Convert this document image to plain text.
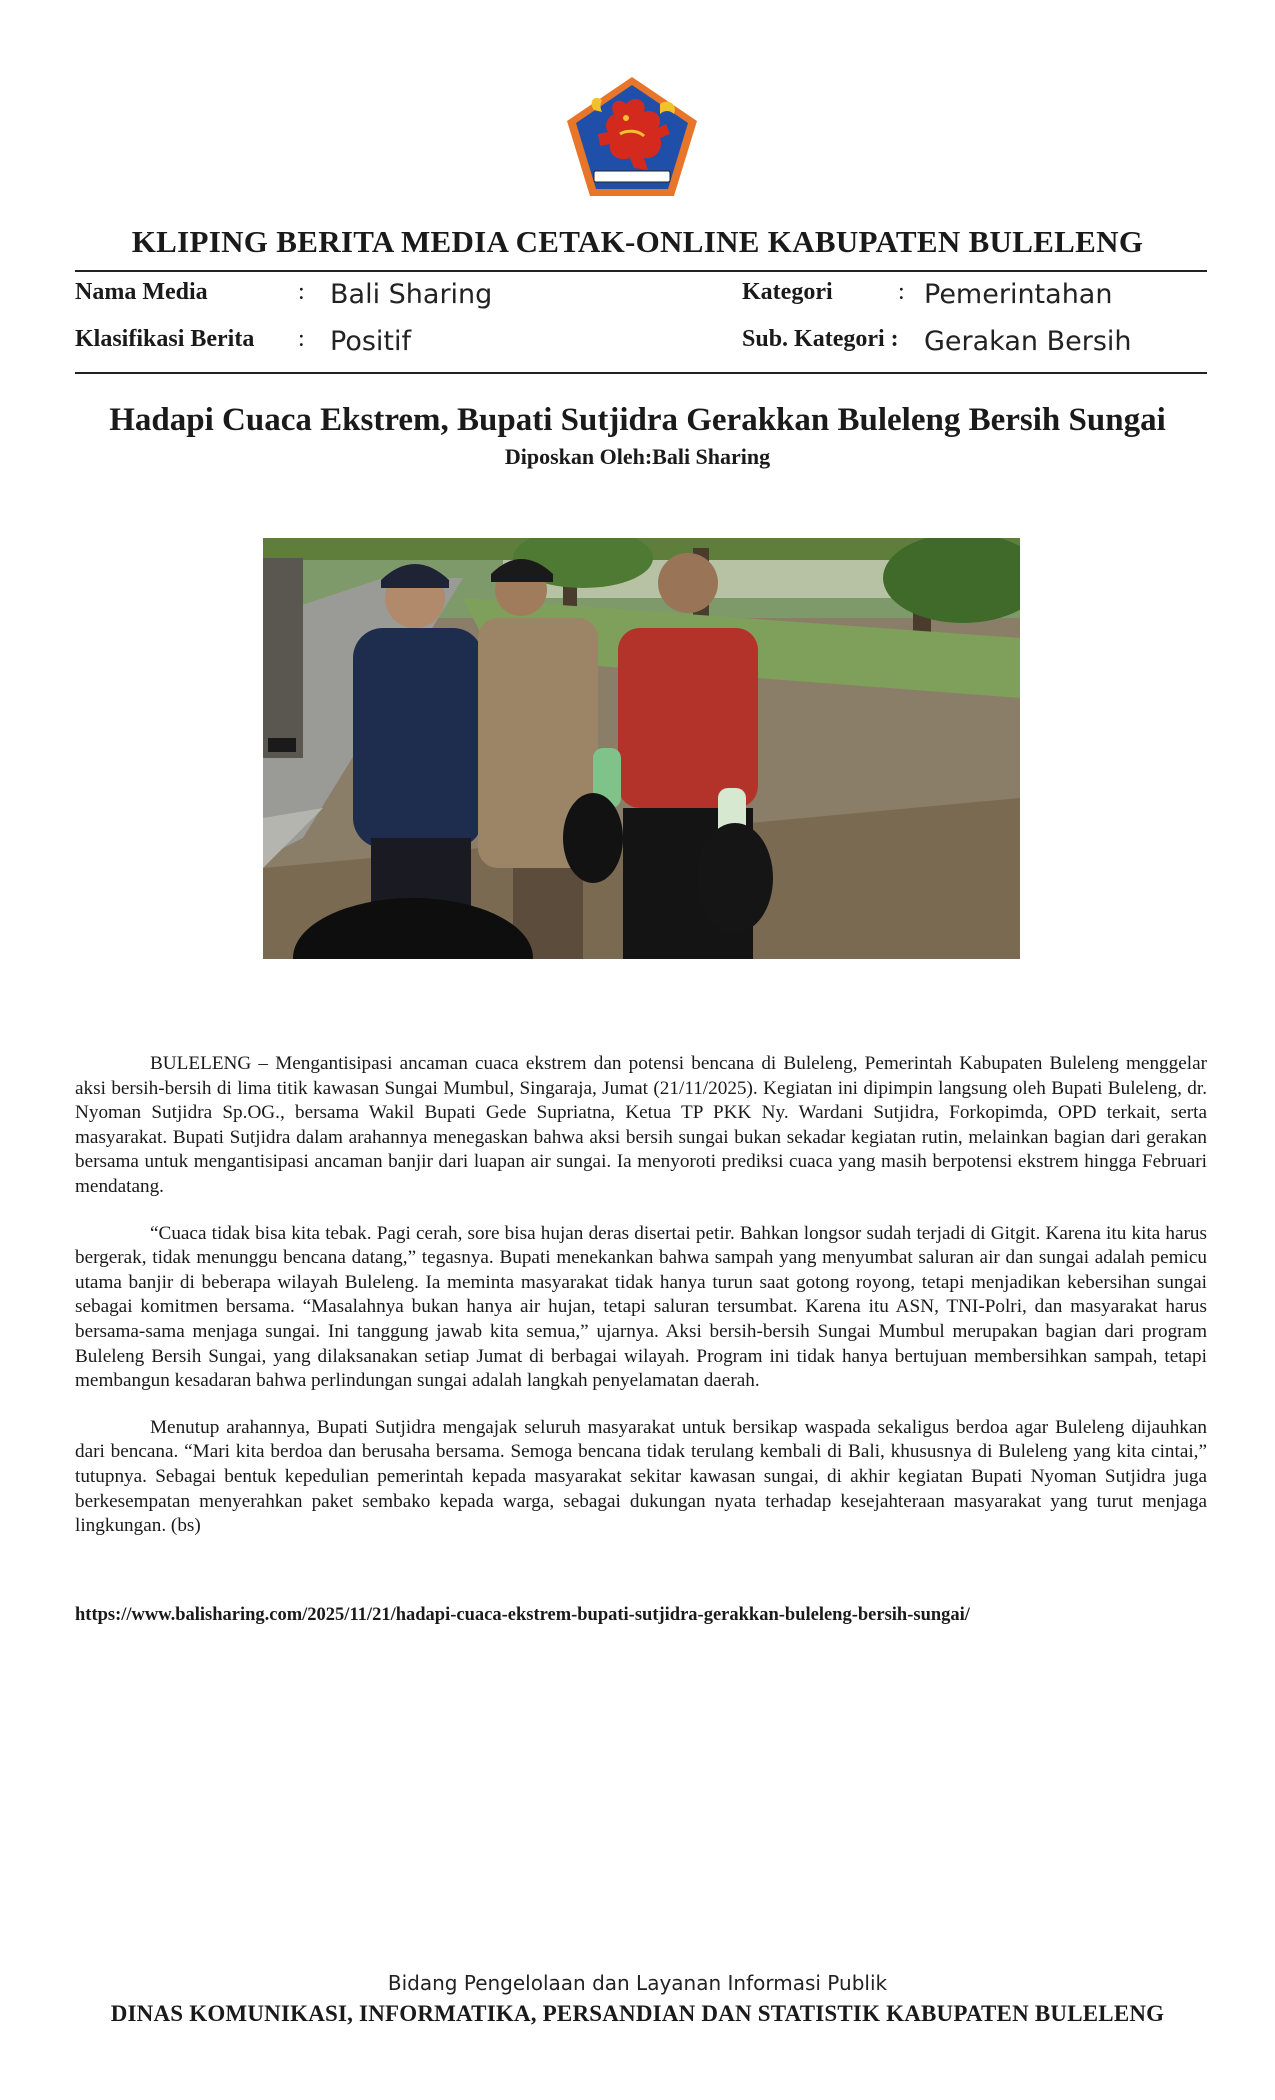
KLIPING BERITA MEDIA CETAK-ONLINE KABUPATEN BULELENG
Nama Media	: Bali Sharing	Kategori	: Pemerintahan
Klasifikasi Berita : Positif	Sub. Kategori : Gerakan Bersih
Hadapi Cuaca Ekstrem, Bupati Sutjidra Gerakkan Buleleng Bersih Sungai
Diposkan Oleh:Bali Sharing

BULELENG – Mengantisipasi ancaman cuaca ekstrem dan potensi bencana di Buleleng, Pemerintah Kabupaten Buleleng menggelar aksi bersih-bersih di lima titik kawasan Sungai Mumbul, Singaraja, Jumat (21/11/2025). Kegiatan ini dipimpin langsung oleh Bupati Buleleng, dr. Nyoman Sutjidra Sp.OG., bersama Wakil Bupati Gede Supriatna, Ketua TP PKK Ny. Wardani Sutjidra, Forkopimda, OPD terkait, serta masyarakat. Bupati Sutjidra dalam arahannya menegaskan bahwa aksi bersih sungai bukan sekadar kegiatan rutin, melainkan bagian dari gerakan bersama untuk mengantisipasi ancaman banjir dari luapan air sungai. Ia menyoroti prediksi cuaca yang masih berpotensi ekstrem hingga Februari mendatang.

“Cuaca tidak bisa kita tebak. Pagi cerah, sore bisa hujan deras disertai petir. Bahkan longsor sudah terjadi di Gitgit. Karena itu kita harus bergerak, tidak menunggu bencana datang,” tegasnya. Bupati menekankan bahwa sampah yang menyumbat saluran air dan sungai adalah pemicu utama banjir di beberapa wilayah Buleleng. Ia meminta masyarakat tidak hanya turun saat gotong royong, tetapi menjadikan kebersihan sungai sebagai komitmen bersama. “Masalahnya bukan hanya air hujan, tetapi saluran tersumbat. Karena itu ASN, TNI-Polri, dan masyarakat harus bersama-sama menjaga sungai. Ini tanggung jawab kita semua,” ujarnya. Aksi bersih-bersih Sungai Mumbul merupakan bagian dari program Buleleng Bersih Sungai, yang dilaksanakan setiap Jumat di berbagai wilayah. Program ini tidak hanya bertujuan membersihkan sampah, tetapi membangun kesadaran bahwa perlindungan sungai adalah langkah penyelamatan daerah.

Menutup arahannya, Bupati Sutjidra mengajak seluruh masyarakat untuk bersikap waspada sekaligus berdoa agar Buleleng dijauhkan dari bencana. “Mari kita berdoa dan berusaha bersama. Semoga bencana tidak terulang kembali di Bali, khususnya di Buleleng yang kita cintai,” tutupnya. Sebagai bentuk kepedulian pemerintah kepada masyarakat sekitar kawasan sungai, di akhir kegiatan Bupati Nyoman Sutjidra juga berkesempatan menyerahkan paket sembako kepada warga, sebagai dukungan nyata terhadap kesejahteraan masyarakat yang turut menjaga lingkungan. (bs)

https://www.balisharing.com/2025/11/21/hadapi-cuaca-ekstrem-bupati-sutjidra-gerakkan-buleleng-bersih-sungai/
Bidang Pengelolaan dan Layanan Informasi Publik
DINAS KOMUNIKASI, INFORMATIKA, PERSANDIAN DAN STATISTIK KABUPATEN BULELENG
